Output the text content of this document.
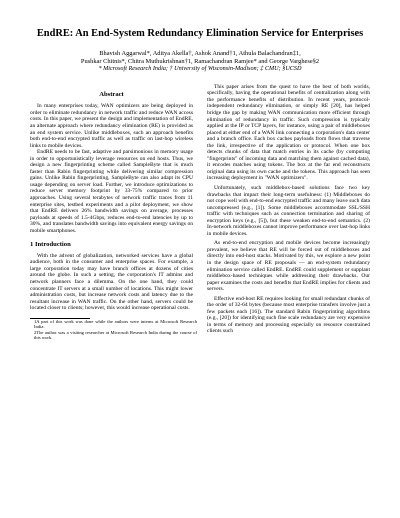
EndRE: An End-System Redundancy Elimination Service for Enterprises
Bhavish Aggarwal*, Aditya Akella†, Ashok Anand†1, Athula Balachandran‡1,
Pushkar Chitnis*, Chitra Muthukrishnan†1, Ramachandran Ramjee* and George Varghese§2
* Microsoft Research India; † University of Wisconsin-Madison; ‡ CMU; §UCSD
Abstract

In many enterprises today, WAN optimizers are being deployed in order to eliminate redundancy in network traffic and reduce WAN access costs. In this paper, we present the design and implementation of EndRE, an alternate approach where redundancy elimination (RE) is provided as an end system service. Unlike middleboxes, such an approach benefits both end-to-end encrypted traffic as well as traffic on last-hop wireless links to mobile devices.

EndRE needs to be fast, adaptive and parsimonious in memory usage in order to opportunistically leverage resources on end hosts. Thus, we design a new fingerprinting scheme called SampleByte that is much faster than Rabin fingerprinting while delivering similar compression gains. Unlike Rabin fingerprinting, SampleByte can also adapt its CPU usage depending on server load. Further, we introduce optimizations to reduce server memory footprint by 33-75% compared to prior approaches. Using several terabytes of network traffic traces from 11 enterprise sites, testbed experiments and a pilot deployment, we show that EndRE delivers 26% bandwidth savings on average, processes payloads at speeds of 1.5-4Gbps, reduces end-to-end latencies by up to 30%, and translates bandwidth savings into equivalent energy savings on mobile smartphones.

1 Introduction

With the advent of globalization, networked services have a global audience, both in the consumer and enterprise spaces. For example, a large corporation today may have branch offices at dozens of cities around the globe. In such a setting, the corporation's IT admins and network planners face a dilemma. On the one hand, they could concentrate IT servers at a small number of locations. This might lower administration costs, but increase network costs and latency due to the resultant increase in WAN traffic. On the other hand, servers could be located closer to clients; however, this would increase operational costs.

1A part of this work was done while the authors were interns at Microsoft Research India.
2The author was a visiting researcher at Microsoft Research India during the course of this work.

This paper arises from the quest to have the best of both worlds, specifically, having the operational benefits of centralization along with the performance benefits of distribution. In recent years, protocol-independent redundancy elimination, or simply RE [20], has helped bridge the gap by making WAN communication more efficient through elimination of redundancy in traffic. Such compression is typically applied at the IP or TCP layers, for instance, using a pair of middleboxes placed at either end of a WAN link connecting a corporation's data center and a branch office. Each box caches payloads from flows that traverse the link, irrespective of the application or protocol. When one box detects chunks of data that match entries in its cache (by computing "fingerprints" of incoming data and matching them against cached data), it encodes matches using tokens. The box at the far end reconstructs original data using its own cache and the tokens. This approach has seen increasing deployment in "WAN optimizers".

Unfortunately, such middlebox-based solutions face two key drawbacks that impact their long-term usefulness: (1) Middleboxes do not cope well with end-to-end encrypted traffic and many leave such data uncompressed (e.g., [1]). Some middleboxes accommodate SSL/SSH traffic with techniques such as connection termination and sharing of encryption keys (e.g., [5]), but these weaken end-to-end semantics. (2) In-network middleboxes cannot improve performance over last-hop links in mobile devices.

As end-to-end encryption and mobile devices become increasingly prevalent, we believe that RE will be forced out of middleboxes and directly into end-host stacks. Motivated by this, we explore a new point in the design space of RE proposals — an end-system redundancy elimination service called EndRE. EndRE could supplement or supplant middlebox-based techniques while addressing their drawbacks. Our paper examines the costs and benefits that EndRE implies for clients and servers.

Effective end-host RE requires looking for small redundant chunks of the order of 32-64 bytes (because most enterprise transfers involve just a few packets each [16]). The standard Rabin fingerprinting algorithms (e.g., [20]) for identifying such fine scale redundancy are very expensive in terms of memory and processing especially on resource constrained clients such
